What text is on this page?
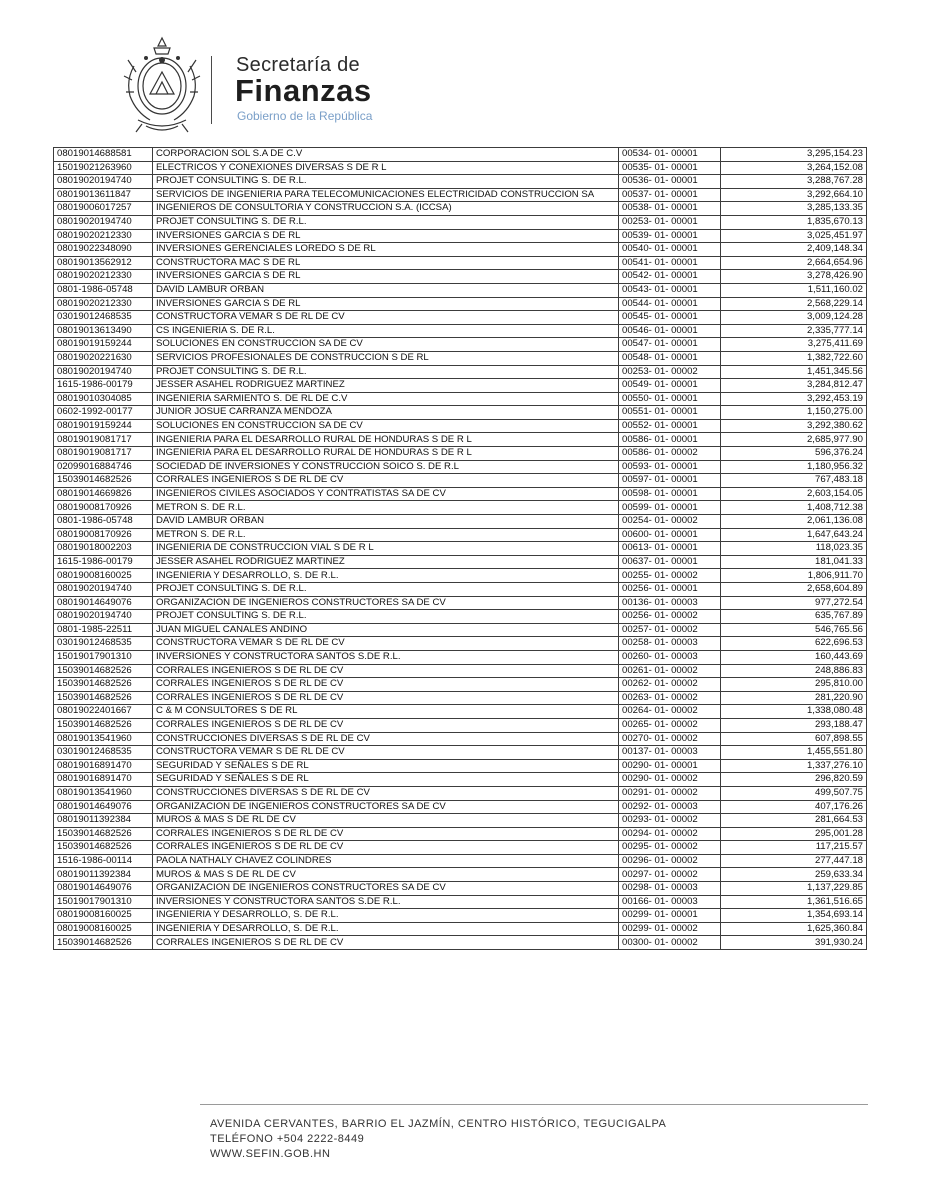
Secretaría de
Finanzas
Gobierno de la República
08019014688581	CORPORACION SOL S.A DE C.V	00534- 01- 00001	3,295,154.23
15019021263960	ELECTRICOS Y CONEXIONES DIVERSAS S DE R L	00535- 01- 00001	3,264,152.08
08019020194740	PROJET CONSULTING S. DE R.L.	00536- 01- 00001	3,288,767.28
08019013611847	SERVICIOS DE INGENIERIA PARA TELECOMUNICACIONES ELECTRICIDAD CONSTRUCCION SA	00537- 01- 00001	3,292,664.10
08019006017257	INGENIEROS DE CONSULTORIA Y CONSTRUCCION S.A. (ICCSA)	00538- 01- 00001	3,285,133.35
08019020194740	PROJET CONSULTING S. DE R.L.	00253- 01- 00001	1,835,670.13
08019020212330	INVERSIONES GARCIA S DE RL	00539- 01- 00001	3,025,451.97
08019022348090	INVERSIONES GERENCIALES LOREDO S DE RL	00540- 01- 00001	2,409,148.34
08019013562912	CONSTRUCTORA MAC S DE RL	00541- 01- 00001	2,664,654.96
08019020212330	INVERSIONES GARCIA S DE RL	00542- 01- 00001	3,278,426.90
0801-1986-05748	DAVID LAMBUR ORBAN	00543- 01- 00001	1,511,160.02
08019020212330	INVERSIONES GARCIA S DE RL	00544- 01- 00001	2,568,229.14
03019012468535	CONSTRUCTORA VEMAR S DE RL DE CV	00545- 01- 00001	3,009,124.28
08019013613490	CS INGENIERIA S. DE R.L.	00546- 01- 00001	2,335,777.14
08019019159244	SOLUCIONES EN CONSTRUCCION SA DE CV	00547- 01- 00001	3,275,411.69
08019020221630	SERVICIOS PROFESIONALES DE CONSTRUCCION S DE RL	00548- 01- 00001	1,382,722.60
08019020194740	PROJET CONSULTING S. DE R.L.	00253- 01- 00002	1,451,345.56
1615-1986-00179	JESSER ASAHEL RODRIGUEZ MARTINEZ	00549- 01- 00001	3,284,812.47
08019010304085	INGENIERIA SARMIENTO S. DE RL DE C.V	00550- 01- 00001	3,292,453.19
0602-1992-00177	JUNIOR JOSUE CARRANZA MENDOZA	00551- 01- 00001	1,150,275.00
08019019159244	SOLUCIONES EN CONSTRUCCION SA DE CV	00552- 01- 00001	3,292,380.62
08019019081717	INGENIERIA PARA EL DESARROLLO RURAL DE HONDURAS S DE R L	00586- 01- 00001	2,685,977.90
08019019081717	INGENIERIA PARA EL DESARROLLO RURAL DE HONDURAS S DE R L	00586- 01- 00002	596,376.24
02099016884746	SOCIEDAD DE INVERSIONES Y CONSTRUCCION SOICO S. DE R.L	00593- 01- 00001	1,180,956.32
15039014682526	CORRALES INGENIEROS S DE RL DE CV	00597- 01- 00001	767,483.18
08019014669826	INGENIEROS CIVILES ASOCIADOS Y CONTRATISTAS SA DE CV	00598- 01- 00001	2,603,154.05
08019008170926	METRON S. DE R.L.	00599- 01- 00001	1,408,712.38
0801-1986-05748	DAVID LAMBUR ORBAN	00254- 01- 00002	2,061,136.08
08019008170926	METRON S. DE R.L.	00600- 01- 00001	1,647,643.24
08019018002203	INGENIERIA DE CONSTRUCCION VIAL S DE R L	00613- 01- 00001	118,023.35
1615-1986-00179	JESSER ASAHEL RODRIGUEZ MARTINEZ	00637- 01- 00001	181,041.33
08019008160025	INGENIERIA Y DESARROLLO, S. DE R.L.	00255- 01- 00002	1,806,911.70
08019020194740	PROJET CONSULTING S. DE R.L.	00256- 01- 00001	2,658,604.89
08019014649076	ORGANIZACION DE INGENIEROS CONSTRUCTORES SA DE CV	00136- 01- 00003	977,272.54
08019020194740	PROJET CONSULTING S. DE R.L.	00256- 01- 00002	635,767.89
0801-1985-22511	JUAN MIGUEL CANALES ANDINO	00257- 01- 00002	546,765.56
03019012468535	CONSTRUCTORA VEMAR S DE RL DE CV	00258- 01- 00003	622,696.53
15019017901310	INVERSIONES Y CONSTRUCTORA SANTOS S.DE R.L.	00260- 01- 00003	160,443.69
15039014682526	CORRALES INGENIEROS S DE RL DE CV	00261- 01- 00002	248,886.83
15039014682526	CORRALES INGENIEROS S DE RL DE CV	00262- 01- 00002	295,810.00
15039014682526	CORRALES INGENIEROS S DE RL DE CV	00263- 01- 00002	281,220.90
08019022401667	C & M CONSULTORES S DE RL	00264- 01- 00002	1,338,080.48
15039014682526	CORRALES INGENIEROS S DE RL DE CV	00265- 01- 00002	293,188.47
08019013541960	CONSTRUCCIONES DIVERSAS S DE RL DE CV	00270- 01- 00002	607,898.55
03019012468535	CONSTRUCTORA VEMAR S DE RL DE CV	00137- 01- 00003	1,455,551.80
08019016891470	SEGURIDAD Y SEÑALES S DE RL	00290- 01- 00001	1,337,276.10
08019016891470	SEGURIDAD Y SEÑALES S DE RL	00290- 01- 00002	296,820.59
08019013541960	CONSTRUCCIONES DIVERSAS S DE RL DE CV	00291- 01- 00002	499,507.75
08019014649076	ORGANIZACION DE INGENIEROS CONSTRUCTORES SA DE CV	00292- 01- 00003	407,176.26
08019011392384	MUROS & MAS S DE RL DE CV	00293- 01- 00002	281,664.53
15039014682526	CORRALES INGENIEROS S DE RL DE CV	00294- 01- 00002	295,001.28
15039014682526	CORRALES INGENIEROS S DE RL DE CV	00295- 01- 00002	117,215.57
1516-1986-00114	PAOLA NATHALY CHAVEZ COLINDRES	00296- 01- 00002	277,447.18
08019011392384	MUROS & MAS S DE RL DE CV	00297- 01- 00002	259,633.34
08019014649076	ORGANIZACION DE INGENIEROS CONSTRUCTORES SA DE CV	00298- 01- 00003	1,137,229.85
15019017901310	INVERSIONES Y CONSTRUCTORA SANTOS S.DE R.L.	00166- 01- 00003	1,361,516.65
08019008160025	INGENIERIA Y DESARROLLO, S. DE R.L.	00299- 01- 00001	1,354,693.14
08019008160025	INGENIERIA Y DESARROLLO, S. DE R.L.	00299- 01- 00002	1,625,360.84
15039014682526	CORRALES INGENIEROS S DE RL DE CV	00300- 01- 00002	391,930.24
AVENIDA CERVANTES, BARRIO EL JAZMÍN, CENTRO HISTÓRICO, TEGUCIGALPA
TELÉFONO +504 2222-8449
WWW.SEFIN.GOB.HN
